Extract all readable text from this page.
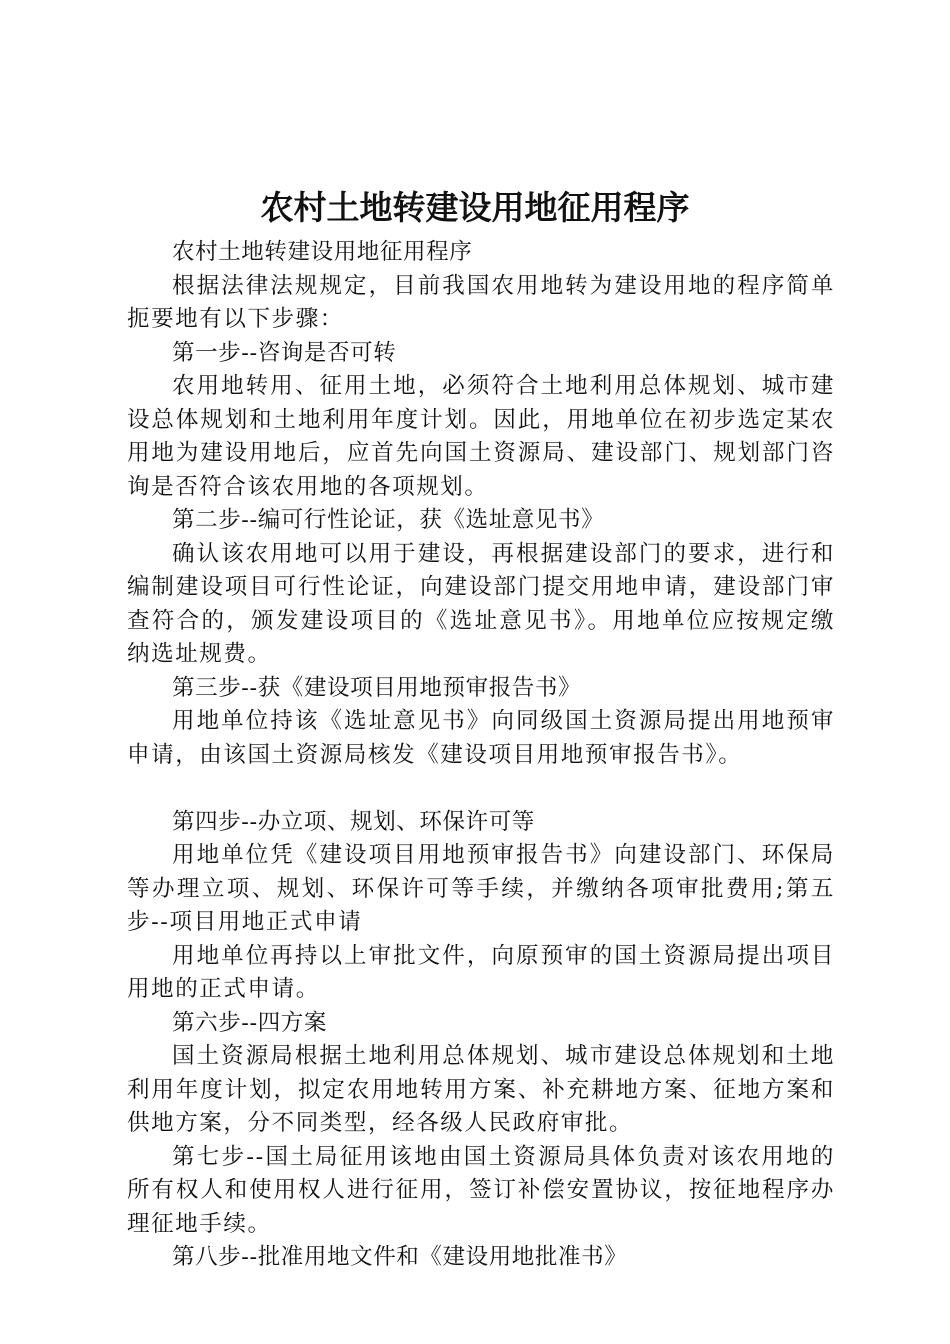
农村土地转建设用地征用程序

农村土地转建设用地征用程序

根据法律法规规定，目前我国农用地转为建设用地的程序简单扼要地有以下步骤：

第一步--咨询是否可转

农用地转用、征用土地，必须符合土地利用总体规划、城市建设总体规划和土地利用年度计划。因此，用地单位在初步选定某农用地为建设用地后，应首先向国土资源局、建设部门、规划部门咨询是否符合该农用地的各项规划。

第二步--编可行性论证，获《选址意见书》

确认该农用地可以用于建设，再根据建设部门的要求，进行和编制建设项目可行性论证，向建设部门提交用地申请，建设部门审查符合的，颁发建设项目的《选址意见书》。用地单位应按规定缴纳选址规费。

第三步--获《建设项目用地预审报告书》

用地单位持该《选址意见书》向同级国土资源局提出用地预审申请，由该国土资源局核发《建设项目用地预审报告书》。

第四步--办立项、规划、环保许可等

用地单位凭《建设项目用地预审报告书》向建设部门、环保局等办理立项、规划、环保许可等手续，并缴纳各项审批费用;第五步--项目用地正式申请

用地单位再持以上审批文件，向原预审的国土资源局提出项目用地的正式申请。

第六步--四方案

国土资源局根据土地利用总体规划、城市建设总体规划和土地利用年度计划，拟定农用地转用方案、补充耕地方案、征地方案和供地方案，分不同类型，经各级人民政府审批。

第七步--国土局征用该地由国土资源局具体负责对该农用地的所有权人和使用权人进行征用，签订补偿安置协议，按征地程序办理征地手续。

第八步--批准用地文件和《建设用地批准书》
